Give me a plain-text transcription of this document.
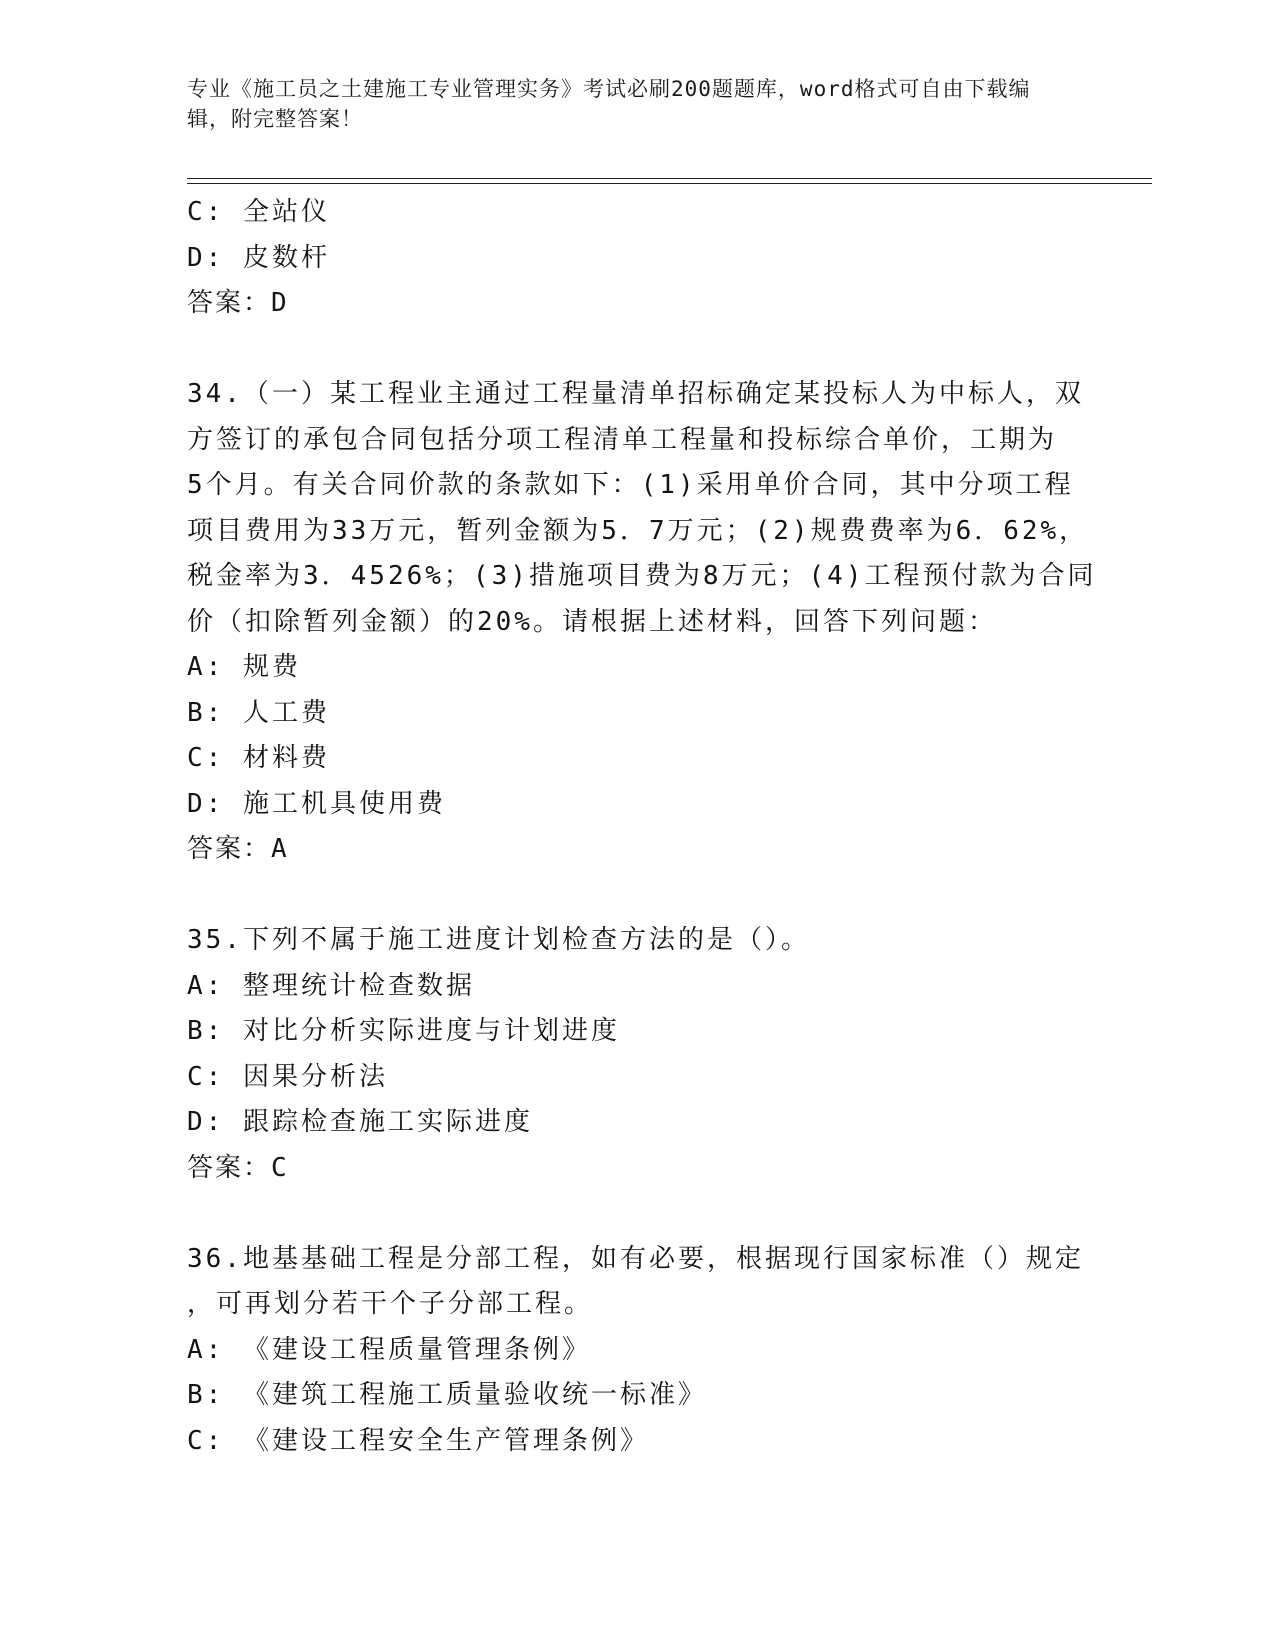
专业《施工员之土建施工专业管理实务》考试必刷200题题库，word格式可自由下载编辑，附完整答案！
C: 全站仪
D: 皮数杆
答案：D
34.（一）某工程业主通过工程量清单招标确定某投标人为中标人，双
方签订的承包合同包括分项工程清单工程量和投标综合单价，工期为
5个月。有关合同价款的条款如下：(1)采用单价合同，其中分项工程
项目费用为33万元，暂列金额为5．7万元；(2)规费费率为6．62%，
税金率为3．4526%；(3)措施项目费为8万元；(4)工程预付款为合同
价（扣除暂列金额）的20%。请根据上述材料，回答下列问题：
A: 规费
B: 人工费
C: 材料费
D: 施工机具使用费
答案：A
35.下列不属于施工进度计划检查方法的是（）。
A: 整理统计检查数据
B: 对比分析实际进度与计划进度
C: 因果分析法
D: 跟踪检查施工实际进度
答案：C
36.地基基础工程是分部工程，如有必要，根据现行国家标准（）规定
，可再划分若干个子分部工程。
A: 《建设工程质量管理条例》
B: 《建筑工程施工质量验收统一标准》
C: 《建设工程安全生产管理条例》
